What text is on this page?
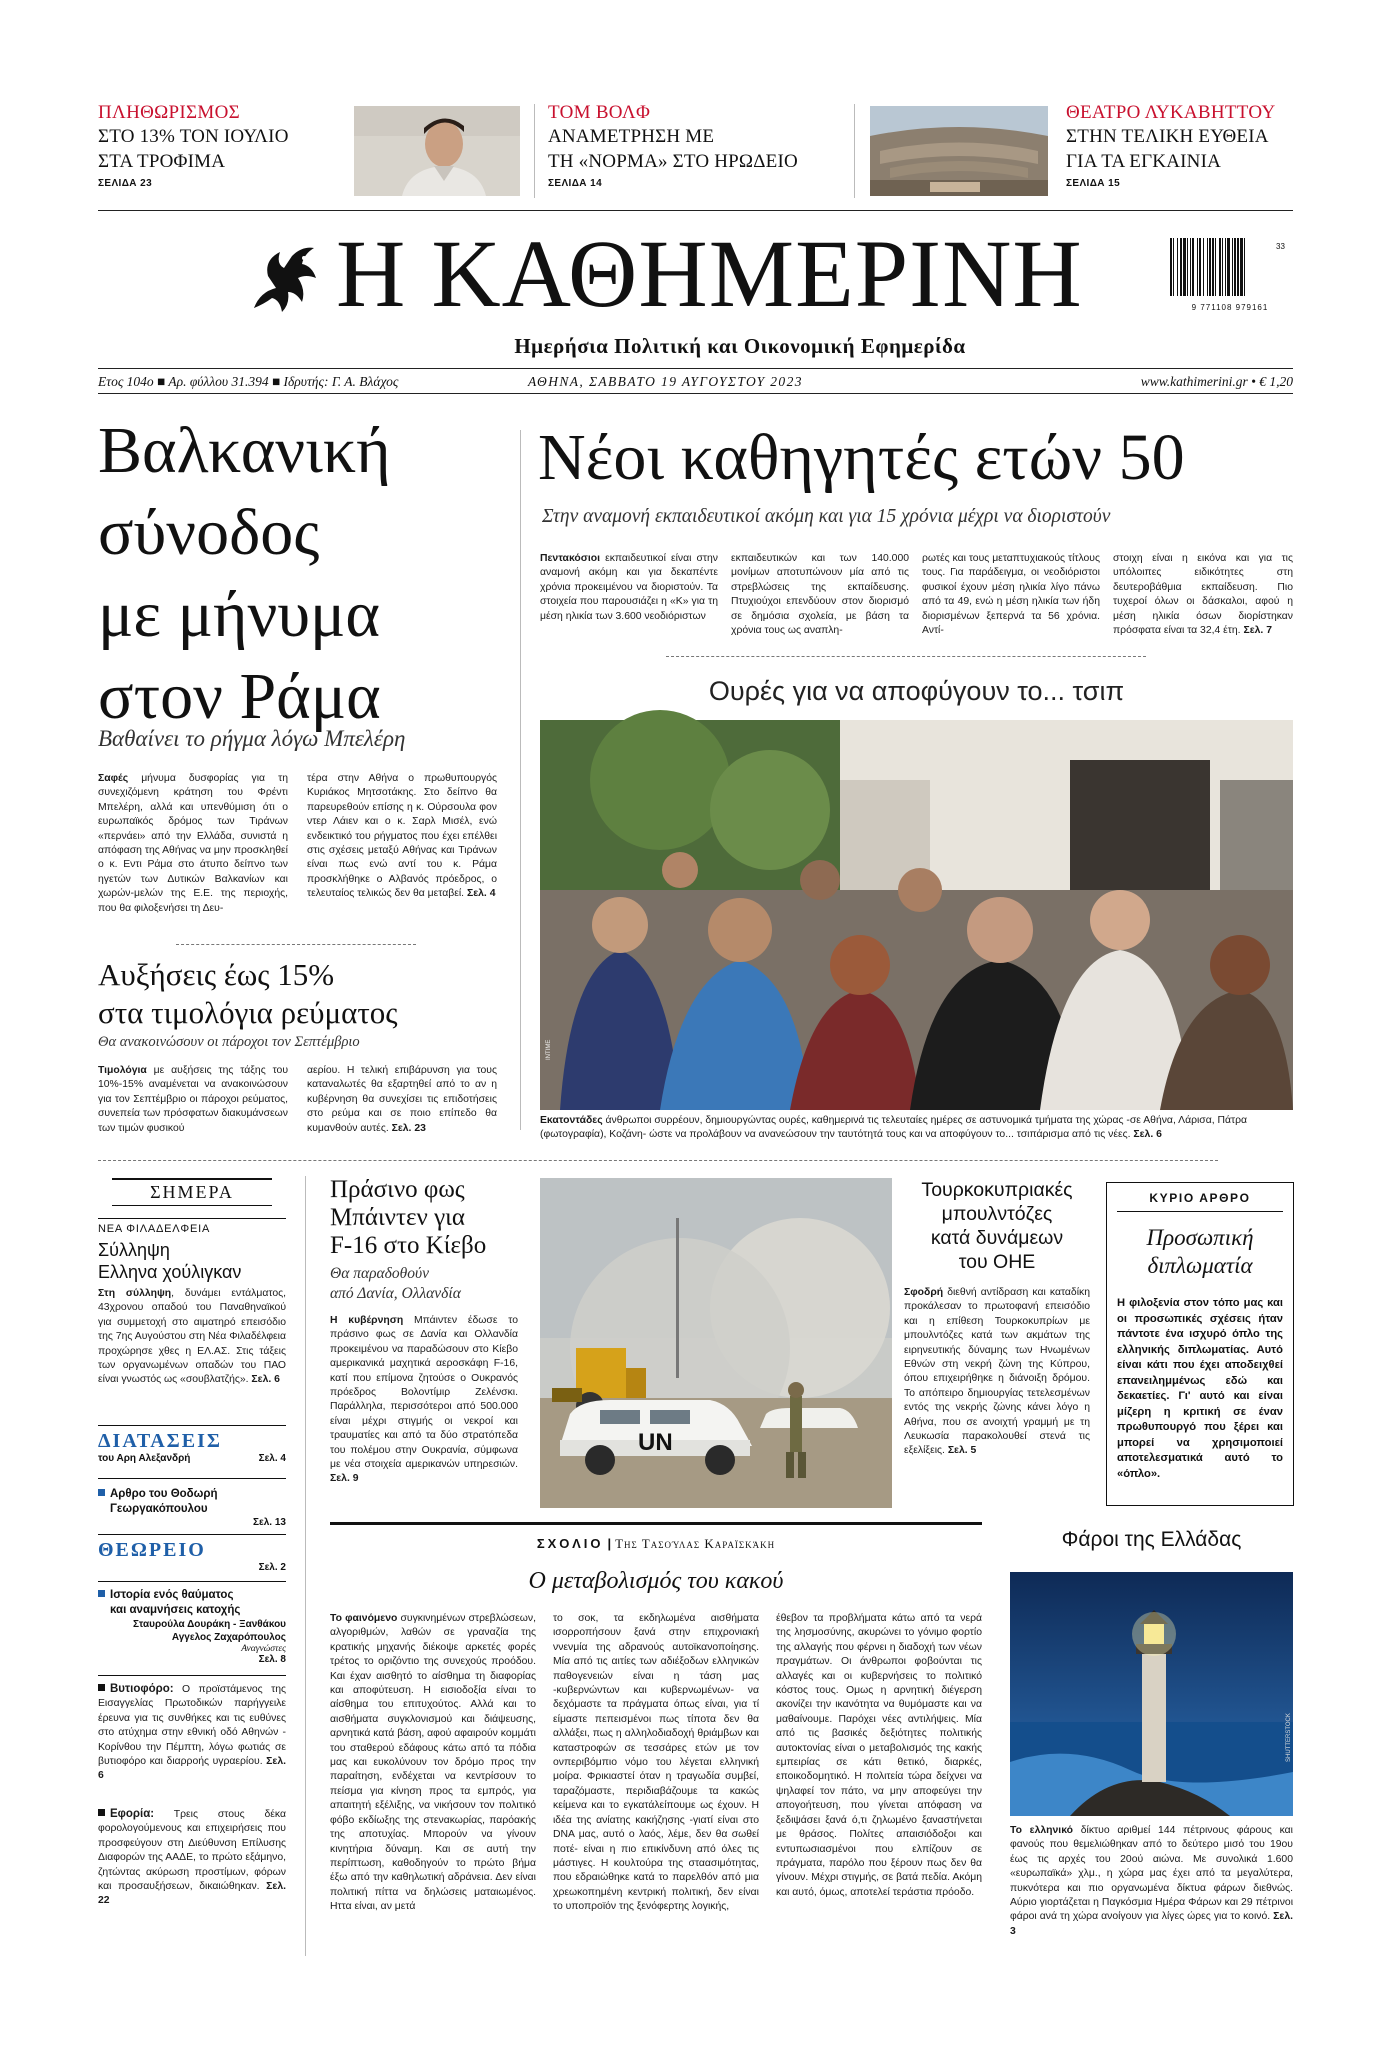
ΠΛΗΘΩΡΙΣΜΟΣ
ΣΤΟ 13% ΤΟΝ ΙΟΥΛΙΟ
ΣΤΑ ΤΡΟΦΙΜΑ
ΣΕΛΙΔΑ 23
ΤΟΜ ΒΟΛΦ
ΑΝΑΜΕΤΡΗΣΗ ΜΕ
ΤΗ «ΝΟΡΜΑ» ΣΤΟ ΗΡΩΔΕΙΟ
ΣΕΛΙΔΑ 14
ΘΕΑΤΡΟ ΛΥΚΑΒΗΤΤΟΥ
ΣΤΗΝ ΤΕΛΙΚΗ ΕΥΘΕΙΑ
ΓΙΑ ΤΑ ΕΓΚΑΙΝΙΑ
ΣΕΛΙΔΑ 15
Η ΚΑΘΗΜΕΡΙΝΗ	9 771108 979161
33
Ημερήσια Πολιτική και Οικονομική Εφημερίδα
Ετος 104ο ■ Αρ. φύλλου 31.394 ■ Ιδρυτής: Γ. Α. Βλάχος	ΑΘΗΝΑ, ΣΑΒΒΑΤΟ 19 ΑΥΓΟΥΣΤΟΥ 2023	www.kathimerini.gr • € 1,20
Βαλκανική
σύνοδος
με μήνυμα
στον Ράμα
Βαθαίνει το ρήγμα λόγω Μπελέρη
Σαφές μήνυμα δυσφορίας για τη συνεχιζόμενη κράτηση του Φρέντι Μπελέρη, αλλά και υπενθύμιση ότι ο ευρωπαϊκός δρόμος των Τιράνων «περνάει» από την Ελλάδα, συνιστά η απόφαση της Αθήνας να μην προσκληθεί ο κ. Εντι Ράμα στο άτυπο δείπνο των ηγετών των Δυτικών Βαλκανίων και χωρών-μελών της Ε.Ε. της περιοχής, που θα φιλοξενήσει τη Δευ-
τέρα στην Αθήνα ο πρωθυπουργός Κυριάκος Μητσοτάκης. Στο δείπνο θα παρευρεθούν επίσης η κ. Ούρσουλα φον ντερ Λάιεν και ο κ. Σαρλ Μισέλ, ενώ ενδεικτικό του ρήγματος που έχει επέλθει στις σχέσεις μεταξύ Αθήνας και Τιράνων είναι πως ενώ αντί του κ. Ράμα προσκλήθηκε ο Αλβανός πρόεδρος, ο τελευταίος τελικώς δεν θα μεταβεί. Σελ. 4
Αυξήσεις έως 15%
στα τιμολόγια ρεύματος
Θα ανακοινώσουν οι πάροχοι τον Σεπτέμβριο
Τιμολόγια με αυξήσεις της τάξης του 10%-15% αναμένεται να ανακοινώσουν για τον Σεπτέμβριο οι πάροχοι ρεύματος, συνεπεία των πρόσφατων διακυμάνσεων των τιμών φυσικού
αερίου. Η τελική επιβάρυνση για τους καταναλωτές θα εξαρτηθεί από το αν η κυβέρνηση θα συνεχίσει τις επιδοτήσεις στο ρεύμα και σε ποιο επίπεδο θα κυμανθούν αυτές. Σελ. 23
Νέοι καθηγητές ετών 50
Στην αναμονή εκπαιδευτικοί ακόμη και για 15 χρόνια μέχρι να διοριστούν
Πεντακόσιοι εκπαιδευτικοί είναι στην αναμονή ακόμη και για δεκαπέντε χρόνια προκειμένου να διοριστούν. Τα στοιχεία που παρουσιάζει η «Κ» για τη μέση ηλικία των 3.600 νεοδιόριστων
εκπαιδευτικών και των 140.000 μονίμων αποτυπώνουν μία από τις στρεβλώσεις της εκπαίδευσης. Πτυχιούχοι επενδύουν στον διορισμό σε δημόσια σχολεία, με βάση τα χρόνια τους ως αναπλη-
ρωτές και τους μεταπτυχιακούς τίτλους τους. Για παράδειγμα, οι νεοδιόριστοι φυσικοί έχουν μέση ηλικία λίγο πάνω από τα 49, ενώ η μέση ηλικία των ήδη διορισμένων ξεπερνά τα 56 χρόνια. Αντί-
στοιχη είναι η εικόνα και για τις υπόλοιπες ειδικότητες στη δευτεροβάθμια εκπαίδευση. Πιο τυχεροί όλων οι δάσκαλοι, αφού η μέση ηλικία όσων διορίστηκαν πρόσφατα είναι τα 32,4 έτη. Σελ. 7
Ουρές για να αποφύγουν το... τσιπ
INTIME
Εκατοντάδες άνθρωποι συρρέουν, δημιουργώντας ουρές, καθημερινά τις τελευταίες ημέρες σε αστυνομικά τμήματα της χώρας -σε Αθήνα, Λάρισα, Πάτρα (φωτογραφία), Κοζάνη- ώστε να προλάβουν να ανανεώσουν την ταυτότητά τους και να αποφύγουν το... τσιπάρισμα από τις νέες. Σελ. 6
ΣΗΜΕΡΑ
ΝΕΑ ΦΙΛΑΔΕΛΦΕΙΑ
Σύλληψη
Ελληνα χούλιγκαν
Στη σύλληψη, δυνάμει εντάλματος, 43χρονου οπαδού του Παναθηναϊκού για συμμετοχή στο αιματηρό επεισόδιο της 7ης Αυγούστου στη Νέα Φιλαδέλφεια προχώρησε χθες η ΕΛ.ΑΣ. Στις τάξεις των οργανωμένων οπαδών του ΠΑΟ είναι γνωστός ως «σουβλατζής». Σελ. 6
ΔΙΑΤΑΣΕΙΣ
του Αρη Αλεξανδρή	Σελ. 4
Αρθρο του Θοδωρή
Γεωργακόπουλου
Σελ. 13
ΘΕΩΡΕΙΟ
Σελ. 2
Ιστορία ενός θαύματος
και αναμνήσεις κατοχής
Σταυρούλα Δουράκη - Ξανθάκου
Αγγελος Ζαχαρόπουλος
Αναγνώστες
Σελ. 8
Βυτιοφόρο: Ο προϊστάμενος της Εισαγγελίας Πρωτοδικών παρήγγειλε έρευνα για τις συνθήκες και τις ευθύνες στο ατύχημα στην εθνική οδό Αθηνών - Κορίνθου την Πέμπτη, λόγω φωτιάς σε βυτιοφόρο και διαρροής υγραερίου. Σελ. 6
Εφορία: Τρεις στους δέκα φορολογούμενους και επιχειρήσεις που προσφεύγουν στη Διεύθυνση Επίλυσης Διαφορών της ΑΑΔΕ, το πρώτο εξάμηνο, ζητώντας ακύρωση προστίμων, φόρων και προσαυξήσεων, δικαιώθηκαν. Σελ. 22
Πράσινο φως
Μπάιντεν για
F-16 στο Κίεβο
Θα παραδοθούν
από Δανία, Ολλανδία
Η κυβέρνηση Μπάιντεν έδωσε το πράσινο φως σε Δανία και Ολλανδία προκειμένου να παραδώσουν στο Κίεβο αμερικανικά μαχητικά αεροσκάφη F-16, κατί που επίμονα ζητούσε ο Ουκρανός πρόεδρος Βολοντίμιρ Ζελένσκι. Παράλληλα, περισσότεροι από 500.000 είναι μέχρι στιγμής οι νεκροί και τραυματίες και από τα δύο στρατόπεδα του πολέμου στην Ουκρανία, σύμφωνα με νέα στοιχεία αμερικανών υπηρεσιών. Σελ. 9
UN
Τουρκοκυπριακές
μπουλντόζες
κατά δυνάμεων
του ΟΗΕ
Σφοδρή διεθνή αντίδραση και καταδίκη προκάλεσαν το πρωτοφανή επεισόδιο και η επίθεση Τουρκοκυπρίων με μπουλντόζες κατά των ακμάτων της ειρηνευτικής δύναμης των Ηνωμένων Εθνών στη νεκρή ζώνη της Κύπρου, όπου επιχειρήθηκε η διάνοιξη δρόμου. Το απόπειρο δημιουργίας τετελεσμένων εντός της νεκρής ζώνης κάνει λόγο η Αθήνα, που σε ανοιχτή γραμμή με τη Λευκωσία παρακολουθεί στενά τις εξελίξεις. Σελ. 5
ΚΥΡΙΟ ΑΡΘΡΟ
Προσωπική
διπλωματία
Η φιλοξενία στον τόπο μας και οι προσωπικές σχέσεις ήταν πάντοτε ένα ισχυρό όπλο της ελληνικής διπλωματίας. Αυτό είναι κάτι που έχει αποδειχθεί επανειλημμένως εδώ και δεκαετίες. Γι' αυτό και είναι μίζερη η κριτική σε έναν πρωθυπουργό που ξέρει και μπορεί να χρησιμοποιεί αποτελεσματικά αυτό το «όπλο».
ΣΧΟΛΙΟ | Της Τασούλας Καραϊσκάκη
Ο μεταβολισμός του κακού
Το φαινόμενο συγκινημένων στρεβλώσεων, αλγοριθμών, λαθών σε γραναζία της κρατικής μηχανής διέκοψε αρκετές φορές τρέτος το οριζόντιο της συνεχούς προόδου. Και έχαν αισθητό το αίσθημα τη διαφορίας και αποφύτευση. Η εισιοδοξία είναι το αίσθημα του επιτυχούτος. Αλλά και το αισθήματα συγκλονισμού και διάψευσης, αρνητικά κατά βάση, αφού αφαιρούν κομμάτι του σταθερού εδάφους κάτω από τα πόδια μας και ευκολύνουν τον δρόμο προς την παραίτηση, ενδέχεται να κεντρίσουν το πείσμα για κίνηση προς τα εμπρός, για απαιτητή εξέλιξης, να νικήσουν τον πολιτικό φόβο εκδίωξης της στενακωρίας, παρόακής της αποτυχίας. Μπορούν να γίνουν κινητήρια δύναμη. Και σε αυτή την περίπτωση, καθοδηγούν το πρώτο βήμα έξω από την καθηλωτική αδράνεια. Δεν είναι πολιτική πίττα να δηλώσεις ματαιωμένος. Ηττα είναι, αν μετά
το σοκ, τα εκδηλωμένα αισθήματα ισορροπήσουν ξανά στην επιχρονιακή ννενμία της αδρανούς αυτοϊκανοποίησης. Μία από τις αιτίες των αδιέξοδων ελληνικών παθογενειών είναι η τάση μας -κυβερνώντων και κυβερνωμένων- να δεχόμαστε τα πράγματα όπως είναι, για τί είμαστε πεπεισμένοι πως τίποτα δεν θα αλλάξει, πως η αλληλοδιαδοχή θριάμβων και καταστροφών σε τεσσάρες ετών με τον ονπεριβόμπιο νόμο του λέγεται ελληνική μοίρα. Φρικιαστεί όταν η τραγωδία συμβεί, ταραζόμαστε, περιδιαβάζουμε τα κακώς κείμενα και το εγκατάλείπουμε ως έχουν. Η ιδέα της ανίατης κακήζησης -γιατί είναι στο DNA μας, αυτό ο λαός, λέμε, δεν θα σωθεί ποτέ- είναι η πιο επικίνδυνη από όλες τις μάστιγες. Η κουλτούρα της σταασιμότητας, που εδραιώθηκε κατά το παρελθόν από μια χρεωκοπημένη κεντρική πολιτική, δεν είναι το υποπροϊόν της ξενόφερτης λογικής,
έθεβον τα προβλήματα κάτω από τα νερά της λησμοσύνης, ακυρώνει το γόνιμο φορτίο της αλλαγής που φέρνει η διαδοχή των νέων πραγμάτων. Οι άνθρωποι φοβούνται τις αλλαγές και οι κυβερνήσεις το πολιτικό κόστος τους. Ομως η αρνητική διέγερση ακονίζει την ικανότητα να θυμόμαστε και να μαθαίνουμε. Παρόχει νέες αντιλήψεις. Μία από τις βασικές δεξιότητες πολιτικής αυτοκτονίας είναι ο μεταβολισμός της κακής εμπειρίας σε κάτι θετικό, διαρκές, εποικοδομητικό. Η πολιτεία τώρα δείχνει να ψηλαφεί τον πάτο, να μην αποφεύγει την απογοήτευση, που γίνεται απόφαση να ξεδιψάσει ξανά ό,τι ζηλωμένο ξαναστήνεται με θράσος. Πολίτες απαισιόδοξοι και εντυπωσιασμένοι που ελπίζουν σε πράγματα, παρόλο που ξέρουν πως δεν θα γίνουν. Μέχρι στιγμής, σε βατά πεδία. Ακόμη και αυτό, όμως, αποτελεί τεράστια πρόοδο.
Φάροι της Ελλάδας
SHUTTERSTOCK
Το ελληνικό δίκτυο αριθμεί 144 πέτρινους φάρους και φανούς που θεμελιώθηκαν από το δεύτερο μισό του 19ου έως τις αρχές του 20ού αιώνα. Με συνολικά 1.600 «ευρωπαϊκά» χλμ., η χώρα μας έχει από τα μεγαλύτερα, πυκνότερα και πιο οργανωμένα δίκτυα φάρων διεθνώς. Αύριο γιορτάζεται η Παγκόσμια Ημέρα Φάρων και 29 πέτρινοι φάροι ανά τη χώρα ανοίγουν για λίγες ώρες για το κοινό. Σελ. 3
